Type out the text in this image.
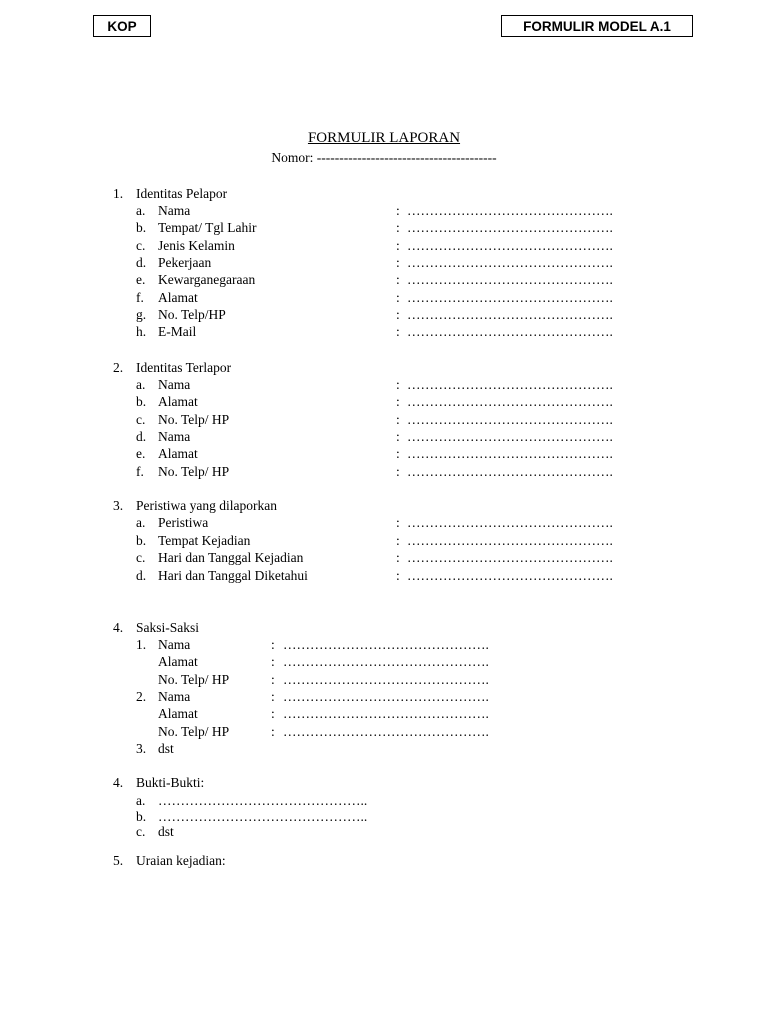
KOP	FORMULIR MODEL A.1
FORMULIR LAPORAN
Nomor: ----------------------------------------
1. Identitas Pelapor
a. Nama	: ……………………………………….
b. Tempat/ Tgl Lahir	: ……………………………………….
c. Jenis Kelamin	: ……………………………………….
d. Pekerjaan	: ……………………………………….
e. Kewarganegaraan	: ……………………………………….
f. Alamat	: ……………………………………….
g. No. Telp/HP	: ……………………………………….
h. E-Mail	: ……………………………………….
2. Identitas Terlapor
a. Nama	: ……………………………………….
b. Alamat	: ……………………………………….
c. No. Telp/ HP	: ……………………………………….
d. Nama	: ……………………………………….
e. Alamat	: ……………………………………….
f. No. Telp/ HP	: ……………………………………….
3. Peristiwa yang dilaporkan
a. Peristiwa	: ……………………………………….
b. Tempat Kejadian	: ……………………………………….
c. Hari dan Tanggal Kejadian	: ……………………………………….
d. Hari dan Tanggal Diketahui	: ……………………………………….
4. Saksi-Saksi
1. Nama	: ……………………………………….
Alamat	: ……………………………………….
No. Telp/ HP	: ……………………………………….
2. Nama	: ……………………………………….
Alamat	: ……………………………………….
No. Telp/ HP	: ……………………………………….
3. dst
4. Bukti-Bukti:
a. ………………………………………..
b. ………………………………………..
c. dst
5. Uraian kejadian:
